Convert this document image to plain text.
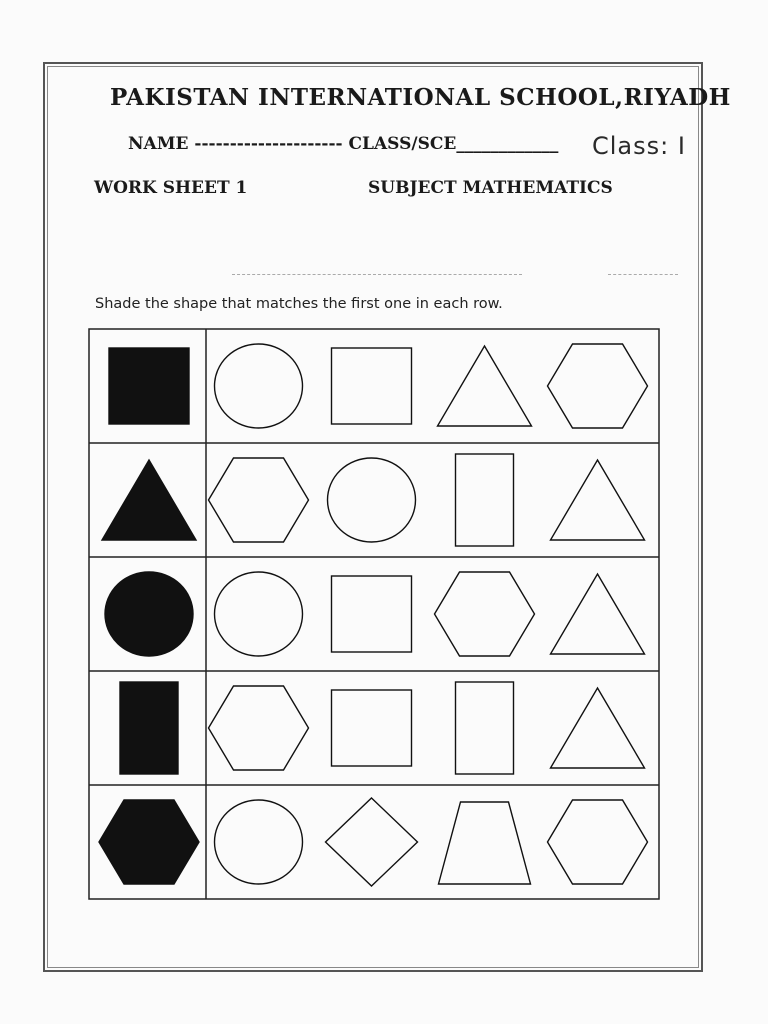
PAKISTAN INTERNATIONAL SCHOOL,RIYADH
NAME --------------------- CLASS/SCE____________ Class: I
WORK SHEET 1	SUBJECT MATHEMATICS
Shade the shape that matches the first one in each row.
